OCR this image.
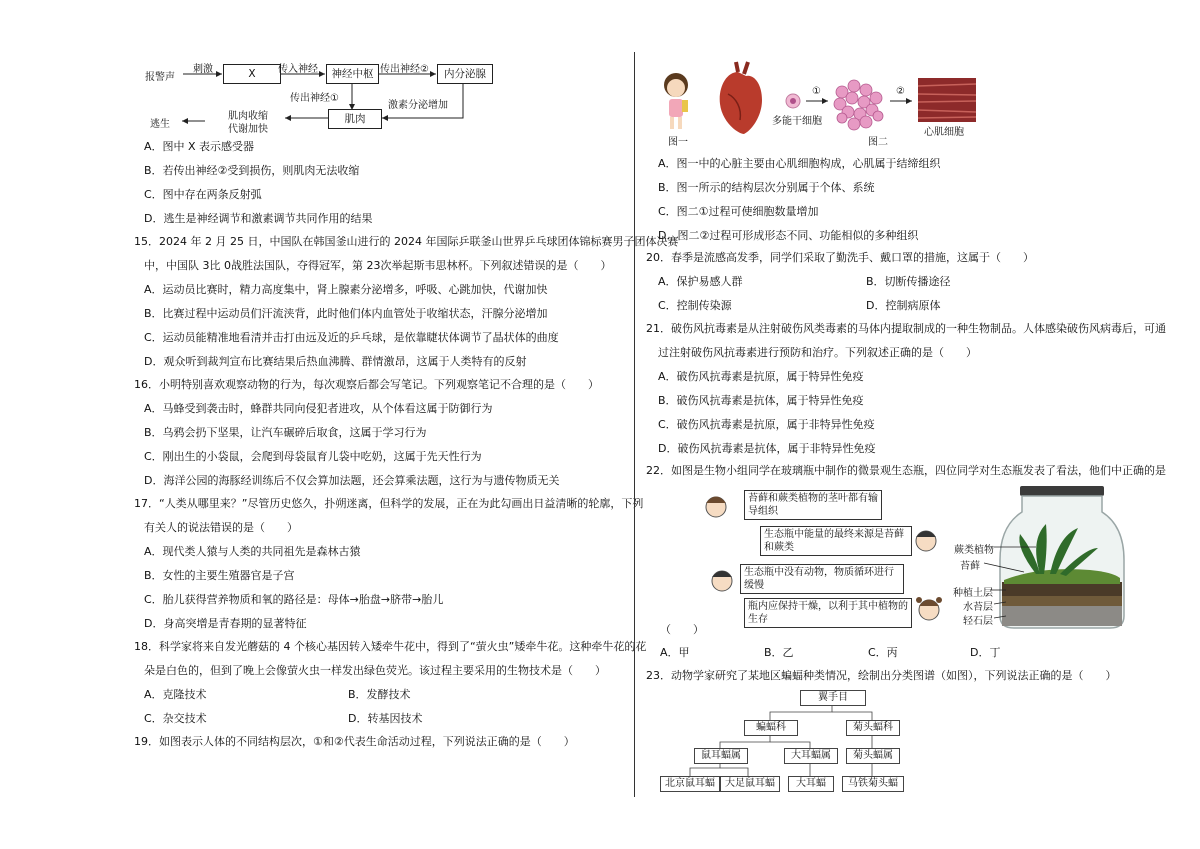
报警声
刺激	X	传入神经	神经中枢 传出神经②	内分泌腺
传出神经①
激素分泌增加
肌肉
肌肉收缩
代谢加快
逃生
A．图中 X 表示感受器
B．若传出神经②受到损伤，则肌肉无法收缩
C．图中存在两条反射弧
D．逃生是神经调节和激素调节共同作用的结果
15．2024 年 2 月 25 日，中国队在韩国釜山进行的 2024 年国际乒联釜山世界乒乓球团体锦标赛男子团体决赛
中，中国队 3比 0战胜法国队，夺得冠军，第 23次举起斯韦思林杯。下列叙述错误的是（　　）
A．运动员比赛时，精力高度集中，肾上腺素分泌增多，呼吸、心跳加快，代谢加快
B．比赛过程中运动员们汗流浃背，此时他们体内血管处于收缩状态，汗腺分泌增加
C．运动员能精准地看清并击打由远及近的乒乓球，是依靠睫状体调节了晶状体的曲度
D．观众听到裁判宣布比赛结果后热血沸腾、群情激昂，这属于人类特有的反射
16．小明特别喜欢观察动物的行为，每次观察后都会写笔记。下列观察笔记不合理的是（　　）
A．马蜂受到袭击时，蜂群共同向侵犯者进攻，从个体看这属于防御行为
B．乌鸦会扔下坚果，让汽车碾碎后取食，这属于学习行为
C．刚出生的小袋鼠，会爬到母袋鼠育儿袋中吃奶，这属于先天性行为
D．海洋公园的海豚经训练后不仅会算加法题，还会算乘法题，这行为与遗传物质无关
17．“人类从哪里来？”尽管历史悠久，扑朔迷离，但科学的发展，正在为此勾画出日益清晰的轮廓，下列
有关人的说法错误的是（　　）
A．现代类人猿与人类的共同祖先是森林古猿
B．女性的主要生殖器官是子宫
C．胎儿获得营养物质和氧的路径是：母体→胎盘→脐带→胎儿
D．身高突增是青春期的显著特征
18．科学家将来自发光蘑菇的 4 个核心基因转入矮牵牛花中，得到了“萤火虫”矮牵牛花。这种牵牛花的花
朵是白色的，但到了晚上会像萤火虫一样发出绿色荧光。该过程主要采用的生物技术是（　　）
A．克隆技术	B．发酵技术
C．杂交技术	D．转基因技术
19．如图表示人体的不同结构层次，①和②代表生命活动过程，下列说法正确的是（　　）
图一
多能干细胞
①
图二
②
心肌细胞
A．图一中的心脏主要由心肌细胞构成，心肌属于结缔组织
B．图一所示的结构层次分别属于个体、系统
C．图二①过程可使细胞数量增加
D．图二②过程可形成形态不同、功能相似的多种组织
20．春季是流感高发季，同学们采取了勤洗手、戴口罩的措施，这属于（　　）
A．保护易感人群	B．切断传播途径
C．控制传染源	D．控制病原体
21．破伤风抗毒素是从注射破伤风类毒素的马体内提取制成的一种生物制品。人体感染破伤风病毒后，可通
过注射破伤风抗毒素进行预防和治疗。下列叙述正确的是（　　）
A．破伤风抗毒素是抗原，属于特异性免疫
B．破伤风抗毒素是抗体，属于特异性免疫
C．破伤风抗毒素是抗原，属于非特异性免疫
D．破伤风抗毒素是抗体，属于非特异性免疫
22．如图是生物小组同学在玻璃瓶中制作的微景观生态瓶，四位同学对生态瓶发表了看法，他们中正确的是
苔藓和蕨类植物的茎叶都有输导组织
生态瓶中能量的最终来源是苔藓和蕨类
生态瓶中没有动物，物质循环进行缓慢
瓶内应保持干燥，以利于其中植物的生存
蕨类植物
苔藓
种植土层
水苔层
轻石层
（　　）
A．甲	B．乙	C．丙	D．丁
23．动物学家研究了某地区蝙蝠种类情况，绘制出分类图谱（如图），下列说法正确的是（　　）
翼手目
蝙蝠科	菊头蝠科
鼠耳蝠属	大耳蝠属	菊头蝠属
北京鼠耳蝠	大足鼠耳蝠	大耳蝠	马铁菊头蝠
